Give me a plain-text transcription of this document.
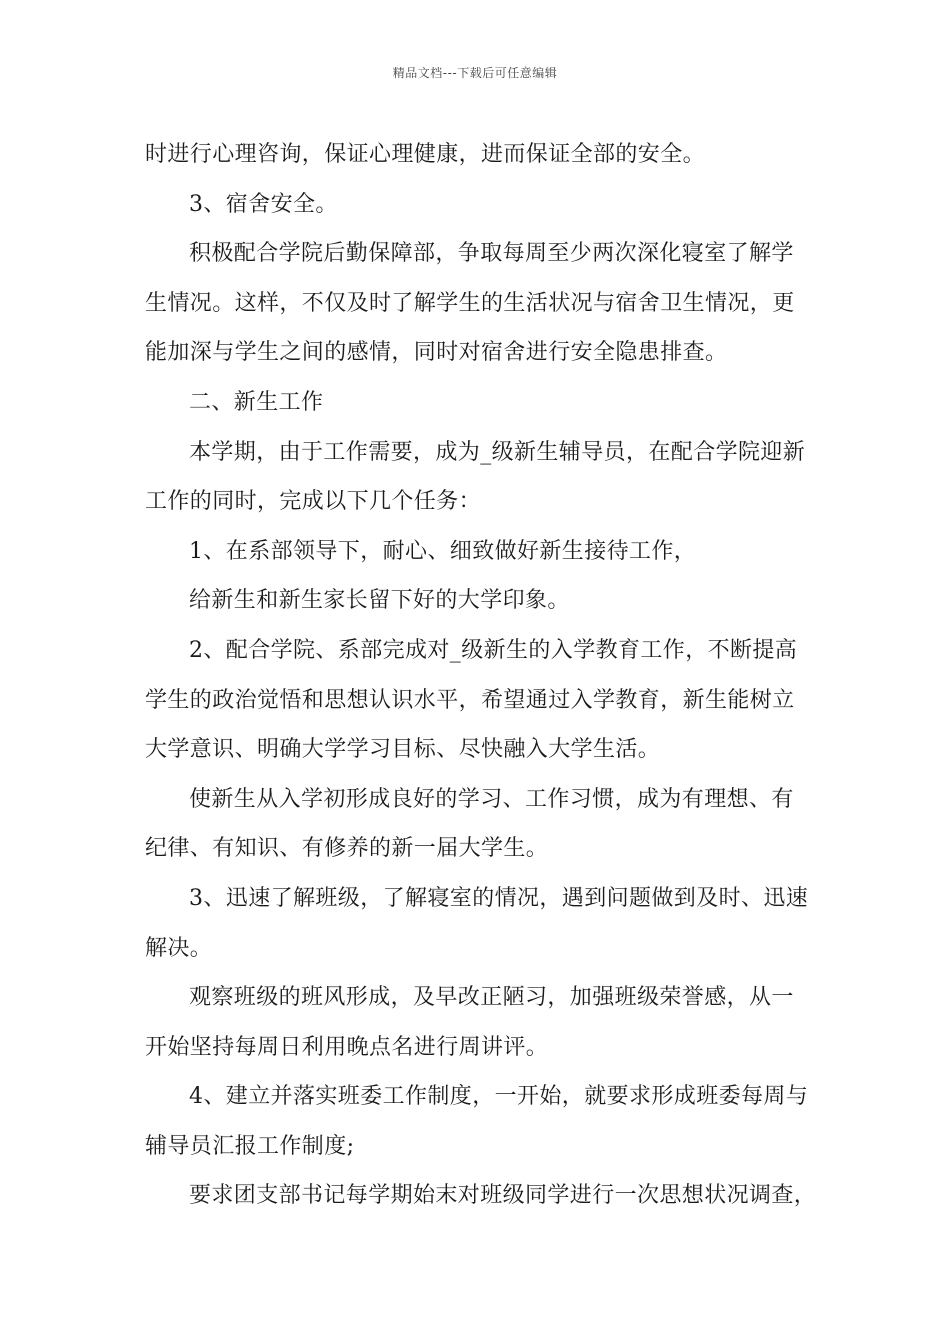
精品文档---下载后可任意编辑

时进行心理咨询，保证心理健康，进而保证全部的安全。

3、宿舍安全。

积极配合学院后勤保障部，争取每周至少两次深化寝室了解学
生情况。这样，不仅及时了解学生的生活状况与宿舍卫生情况，更
能加深与学生之间的感情，同时对宿舍进行安全隐患排查。

二、新生工作

本学期，由于工作需要，成为_级新生辅导员，在配合学院迎新
工作的同时，完成以下几个任务：

1、在系部领导下，耐心、细致做好新生接待工作，

给新生和新生家长留下好的大学印象。

2、配合学院、系部完成对_级新生的入学教育工作，不断提高
学生的政治觉悟和思想认识水平，希望通过入学教育，新生能树立
大学意识、明确大学学习目标、尽快融入大学生活。

使新生从入学初形成良好的学习、工作习惯，成为有理想、有
纪律、有知识、有修养的新一届大学生。

3、迅速了解班级，了解寝室的情况，遇到问题做到及时、迅速
解决。

观察班级的班风形成，及早改正陋习，加强班级荣誉感，从一
开始坚持每周日利用晚点名进行周讲评。

4、建立并落实班委工作制度，一开始，就要求形成班委每周与
辅导员汇报工作制度;

要求团支部书记每学期始末对班级同学进行一次思想状况调查，
